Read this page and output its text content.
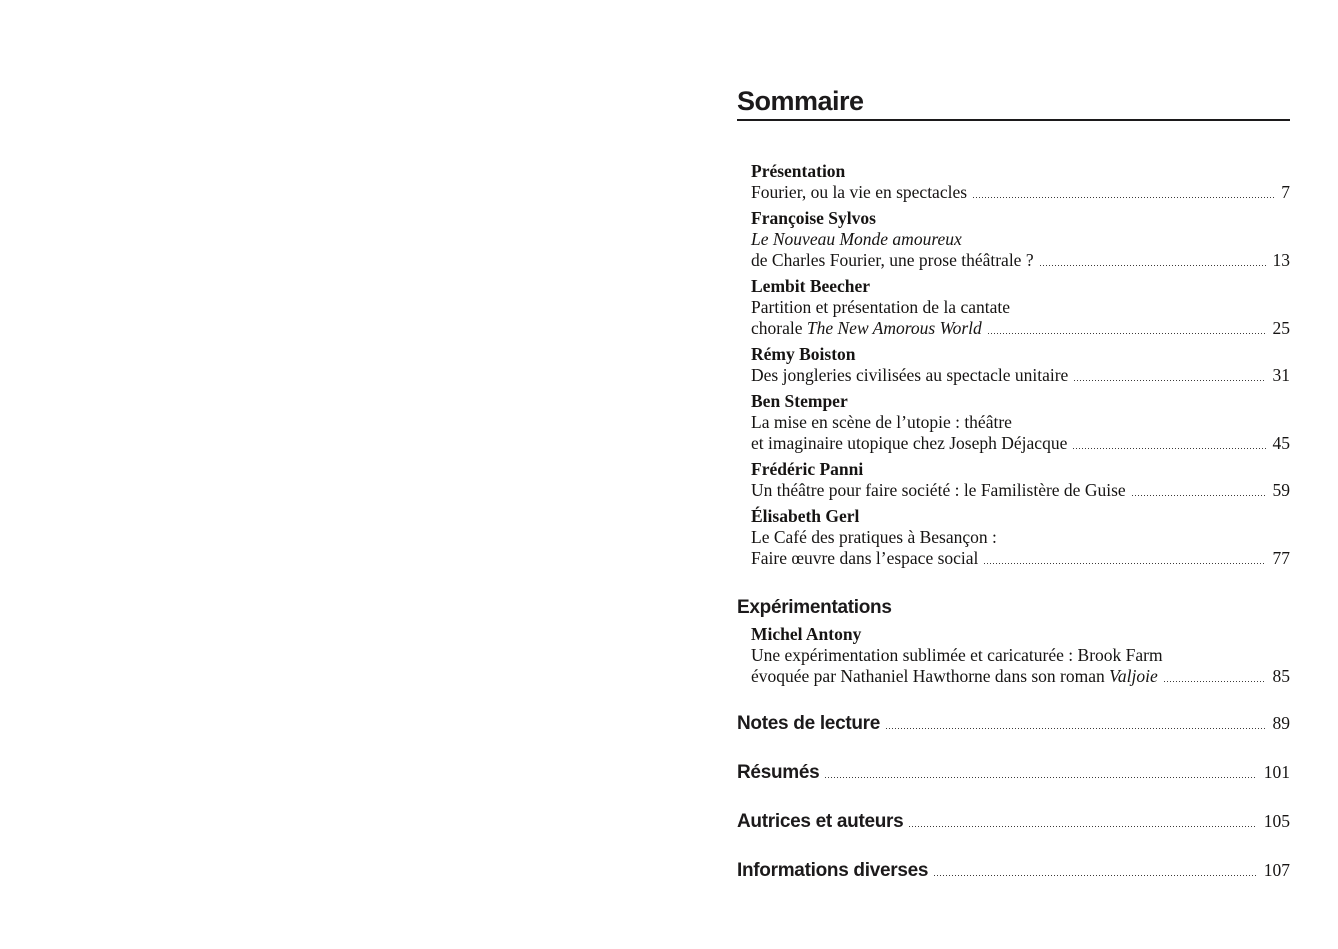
Sommaire
Présentation
Fourier, ou la vie en spectacles	7
Françoise Sylvos
Le Nouveau Monde amoureux
de Charles Fourier, une prose théâtrale ?	13
Lembit Beecher
Partition et présentation de la cantate
chorale The New Amorous World	25
Rémy Boiston
Des jongleries civilisées au spectacle unitaire	31
Ben Stemper
La mise en scène de l’utopie : théâtre
et imaginaire utopique chez Joseph Déjacque	45
Frédéric Panni
Un théâtre pour faire société : le Familistère de Guise	59
Élisabeth Gerl
Le Café des pratiques à Besançon :
Faire œuvre dans l’espace social	77
Expérimentations
Michel Antony
Une expérimentation sublimée et caricaturée : Brook Farm
évoquée par Nathaniel Hawthorne dans son roman Valjoie	85
Notes de lecture	89
Résumés	101
Autrices et auteurs	105
Informations diverses	107
